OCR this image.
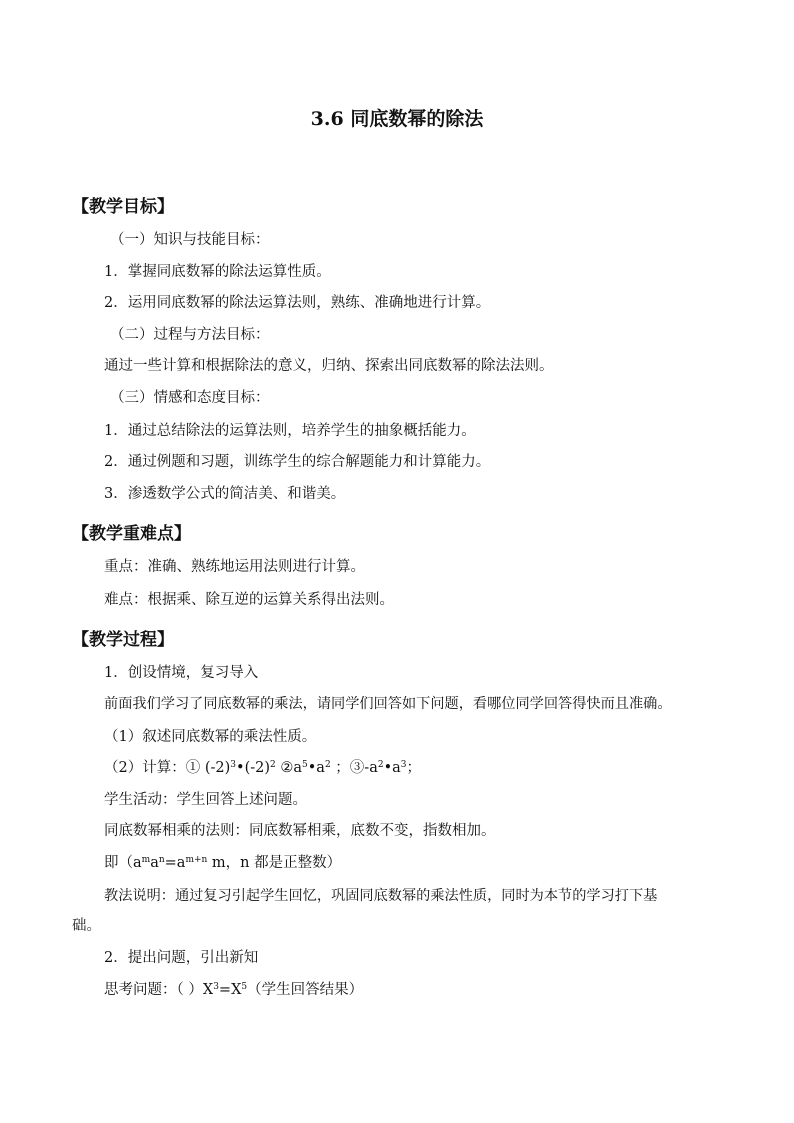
3.6 同底数幂的除法
【教学目标】
（一）知识与技能目标：
1．掌握同底数幂的除法运算性质。
2．运用同底数幂的除法运算法则，熟练、准确地进行计算。
（二）过程与方法目标：
通过一些计算和根据除法的意义，归纳、探索出同底数幂的除法法则。
（三）情感和态度目标：
1．通过总结除法的运算法则，培养学生的抽象概括能力。
2．通过例题和习题，训练学生的综合解题能力和计算能力。
3．渗透数学公式的简洁美、和谐美。
【教学重难点】
重点：准确、熟练地运用法则进行计算。
难点：根据乘、除互逆的运算关系得出法则。
【教学过程】
1．创设情境，复习导入
前面我们学习了同底数幂的乘法，请同学们回答如下问题，看哪位同学回答得快而且准确。
（1）叙述同底数幂的乘法性质。
（2）计算：① $(-2)^3•(-2)^2$ $②a^5•a^2$ ；$③-a^2•a^3$；
学生活动：学生回答上述问题。
同底数幂相乘的法则：同底数幂相乘，底数不变，指数相加。
即（$a^ma^n=a^{m+n}$ m，n 都是正整数）
教法说明：通过复习引起学生回忆，巩固同底数幂的乘法性质，同时为本节的学习打下基
础。
2．提出问题，引出新知
思考问题：（ ）$X^3=X^5$（学生回答结果）
